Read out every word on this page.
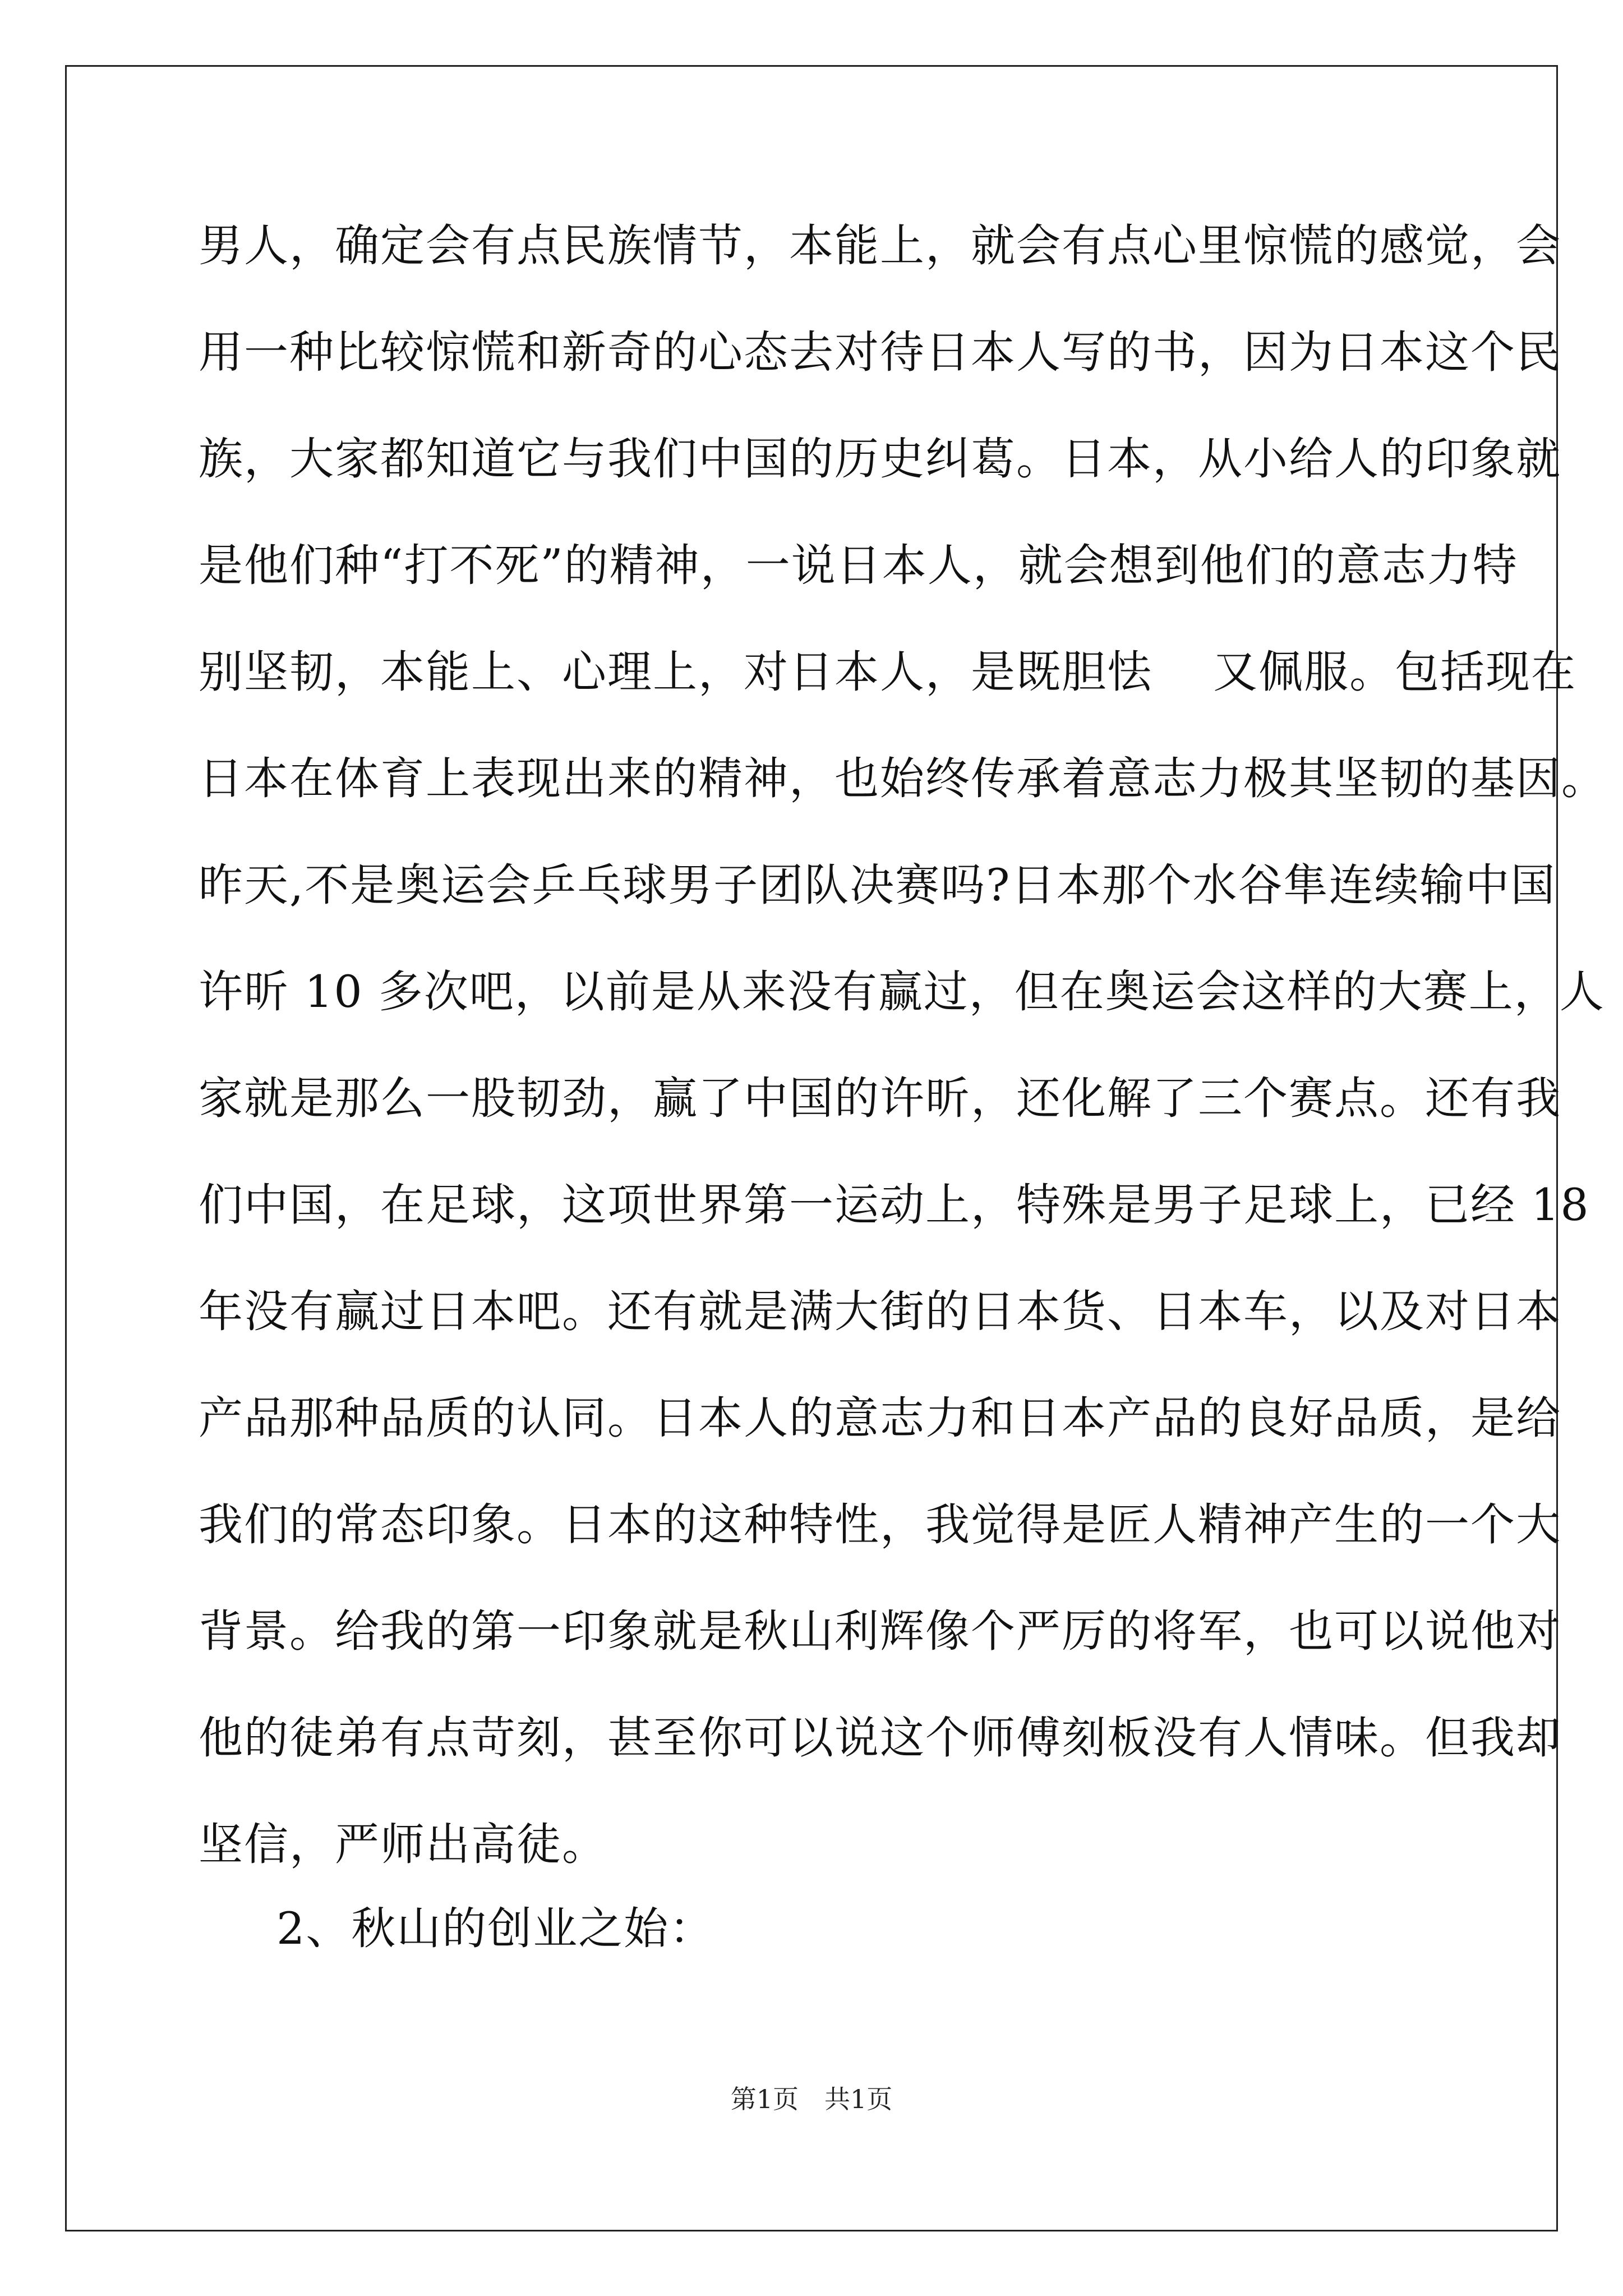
男人，确定会有点民族情节，本能上，就会有点心里惊慌的感觉，会
用一种比较惊慌和新奇的心态去对待日本人写的书，因为日本这个民
族，大家都知道它与我们中国的历史纠葛。日本，从小给人的印象就
是他们种“打不死”的精神，一说日本人，就会想到他们的意志力特
别坚韧，本能上、心理上，对日本人，是既胆怯　 又佩服。包括现在
日本在体育上表现出来的精神，也始终传承着意志力极其坚韧的基因。
昨天,不是奥运会乒乓球男子团队决赛吗?日本那个水谷隼连续输中国
许昕 10 多次吧，以前是从来没有赢过，但在奥运会这样的大赛上，人
家就是那么一股韧劲，赢了中国的许昕，还化解了三个赛点。还有我
们中国，在足球，这项世界第一运动上，特殊是男子足球上，已经 18
年没有赢过日本吧。还有就是满大街的日本货、日本车，以及对日本
产品那种品质的认同。日本人的意志力和日本产品的良好品质，是给
我们的常态印象。日本的这种特性，我觉得是匠人精神产生的一个大
背景。给我的第一印象就是秋山利辉像个严厉的将军，也可以说他对
他的徒弟有点苛刻，甚至你可以说这个师傅刻板没有人情味。但我却
坚信，严师出高徒。
2、秋山的创业之始：
第1页　共1页
